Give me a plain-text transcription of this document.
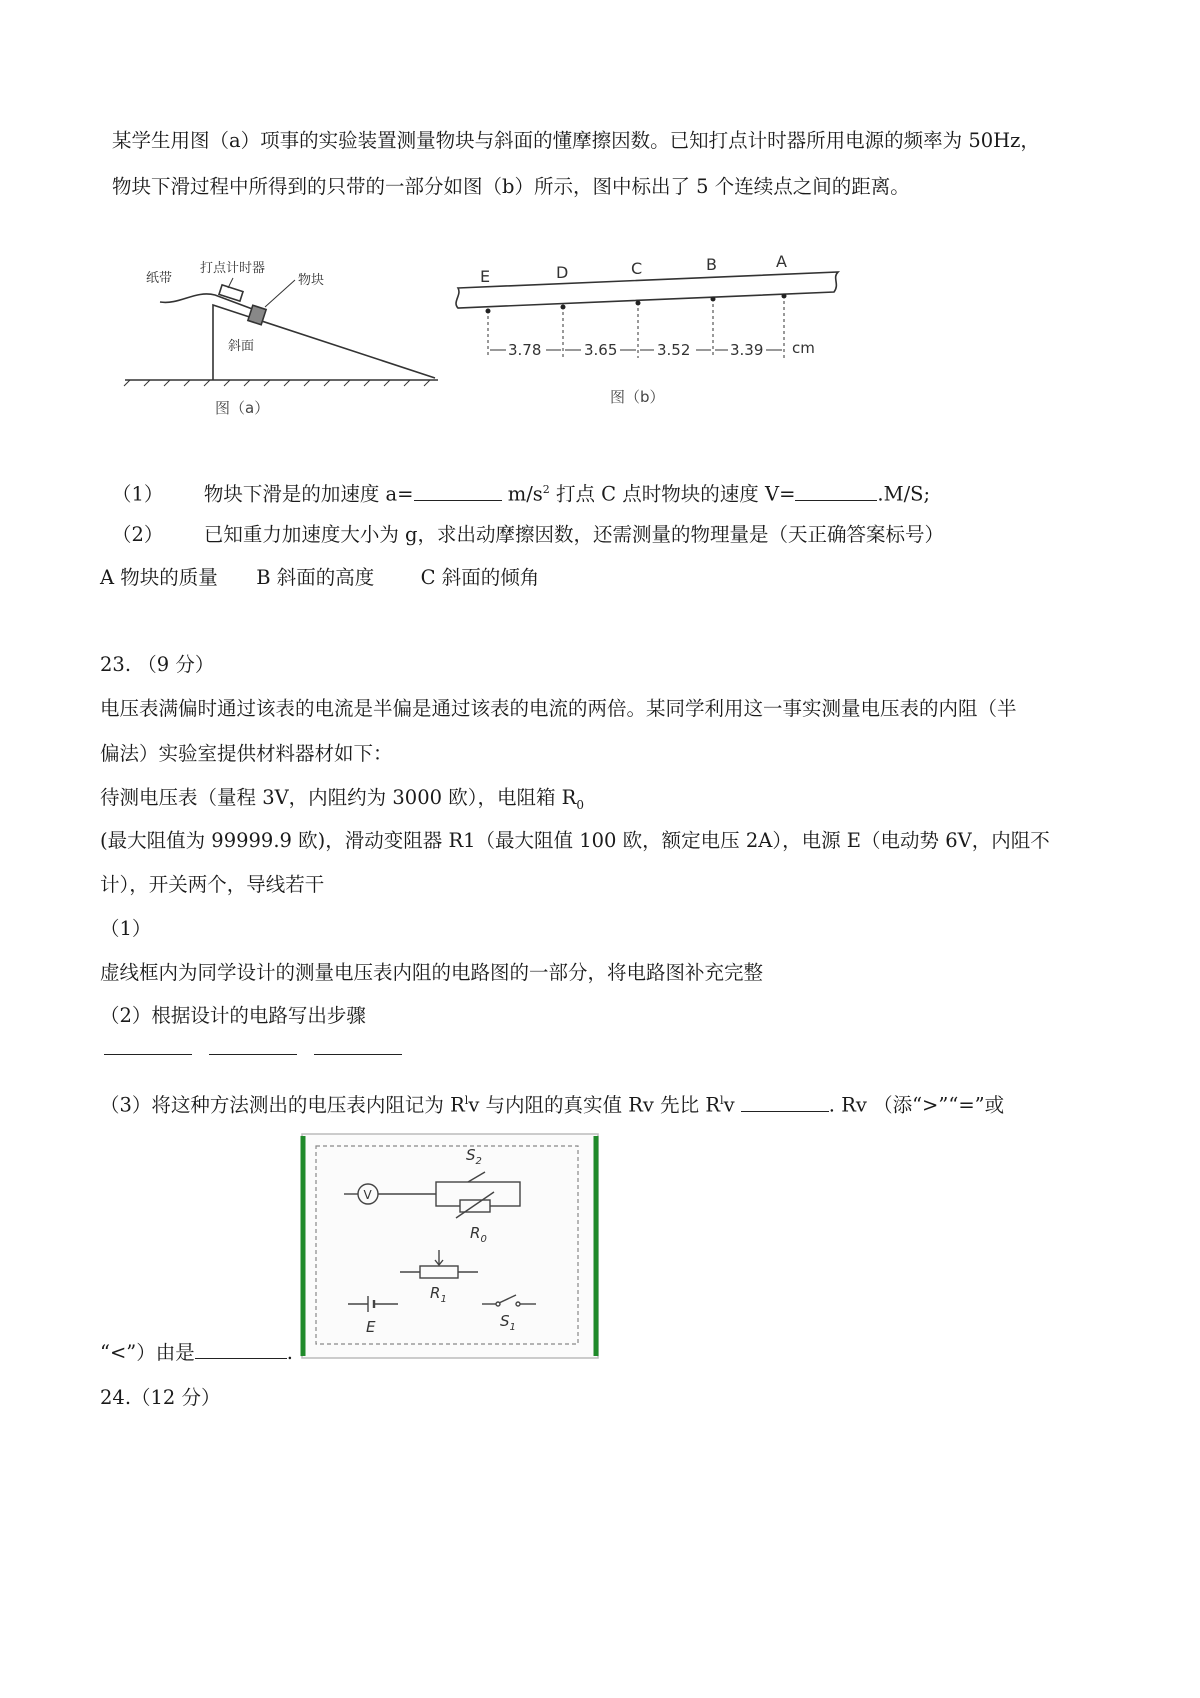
某学生用图（a）项事的实验装置测量物块与斜面的懂摩擦因数。已知打点计时器所用电源的频率为 50Hz，
物块下滑过程中所得到的只带的一部分如图（b）所示，图中标出了 5 个连续点之间的距离。
纸带
打点计时器
物块
斜面
图（a）
E	D	C	B	A
3.78	3.65	3.52	3.39 cm
图（b）
（1） 物块下滑是的加速度 a=	$m/s^2$ 打点 C 点时物块的速度 V=	.M/S;
（2） 已知重力加速度大小为 g，求出动摩擦因数，还需测量的物理量是（天正确答案标号）
A 物块的质量 B 斜面的高度 C 斜面的倾角
23. （9 分）
电压表满偏时通过该表的电流是半偏是通过该表的电流的两倍。某同学利用这一事实测量电压表的内阻（半
偏法）实验室提供材料器材如下：
待测电压表（量程 3V，内阻约为 3000 欧），电阻箱 $R_0$
(最大阻值为 99999.9 欧)，滑动变阻器 R1（最大阻值 100 欧，额定电压 2A），电源 E（电动势 6V，内阻不
计），开关两个，导线若干
（1）
虚线框内为同学设计的测量电压表内阻的电路图的一部分，将电路图补充完整
（2）根据设计的电路写出步骤

（3）将这种方法测出的电压表内阻记为 $R^lv$ 与内阻的真实值 Rv 先比 $R^lv$	. Rv （添“>”“=”或
V
$S_2$
$R_0$
$R_1$
E	$S_1$
“<”）由是	.
24.（12 分）
